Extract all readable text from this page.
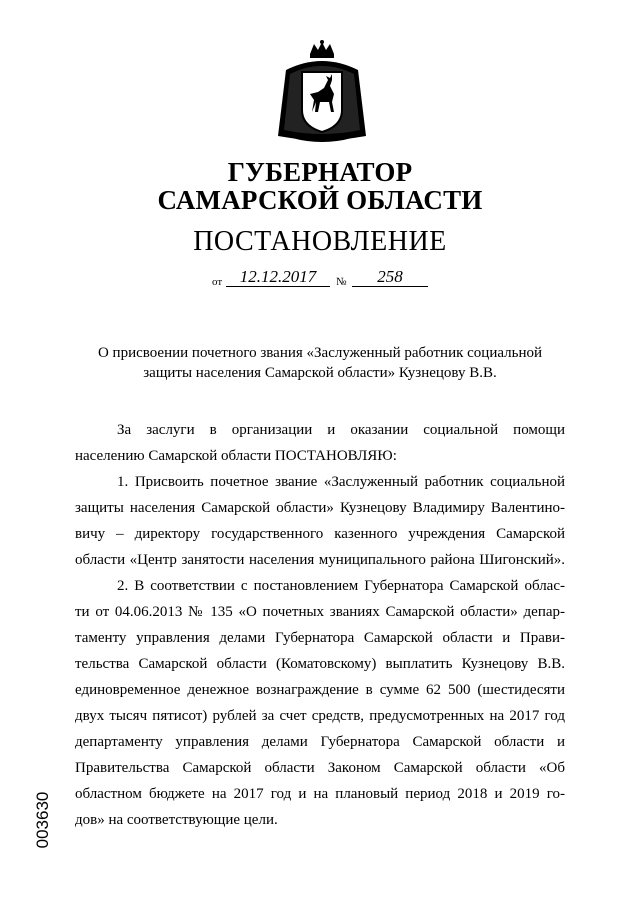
ГУБЕРНАТОР
САМАРСКОЙ ОБЛАСТИ
ПОСТАНОВЛЕНИЕ
от	12.12.2017	№	258
О присвоении почетного звания «Заслуженный работник социальной
защиты населения Самарской области» Кузнецову В.В.
За заслуги в организации и оказании социальной помощи
населению Самарской области ПОСТАНОВЛЯЮ:
1. Присвоить почетное звание «Заслуженный работник социальной
защиты населения Самарской области» Кузнецову Владимиру Валентино-
вичу – директору государственного казенного учреждения Самарской
области «Центр занятости населения муниципального района Шигонский».
2. В соответствии с постановлением Губернатора Самарской облас-
ти от 04.06.2013 № 135 «О почетных званиях Самарской области» депар-
таменту управления делами Губернатора Самарской области и Прави-
тельства Самарской области (Коматовскому) выплатить Кузнецову В.В.
единовременное денежное вознаграждение в сумме 62 500 (шестидесяти
двух тысяч пятисот) рублей за счет средств, предусмотренных на 2017 год
департаменту управления делами Губернатора Самарской области и
Правительства Самарской области Законом Самарской области «Об
областном бюджете на 2017 год и на плановый период 2018 и 2019 го-
дов» на соответствующие цели.
003630
